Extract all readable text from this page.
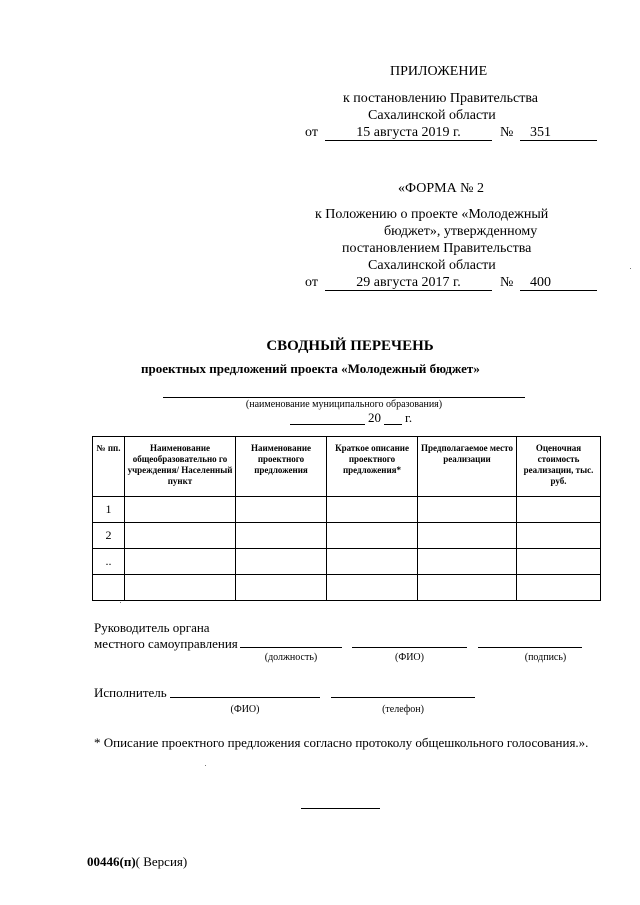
ПРИЛОЖЕНИЕ
к постановлению Правительства
Сахалинской области
от	15 августа 2019 г.	№ 351
«ФОРМА № 2
к Положению о проекте «Молодежный
бюджет», утвержденному
постановлением Правительства
Сахалинской области
от	29 августа 2017 г.	№ 400
СВОДНЫЙ ПЕРЕЧЕНЬ
проектных предложений проекта «Молодежный бюджет»
(наименование муниципального образования)
20 г.
№ пп.	Наименование общеобразовательно го учреждения/ Населенный пункт	Наименование проектного предложения	Краткое описание проектного предложения*	Предполагаемое место реализации	Оценочная стоимость реализации, тыс. руб.
1					
2					
..					

Руководитель органа
местного самоуправления
(должность)	(ФИО)	(подпись)
Исполнитель
(ФИО)	(телефон)
* Описание проектного предложения согласно протоколу общешкольного голосования.».
00446(п)( Версия)
